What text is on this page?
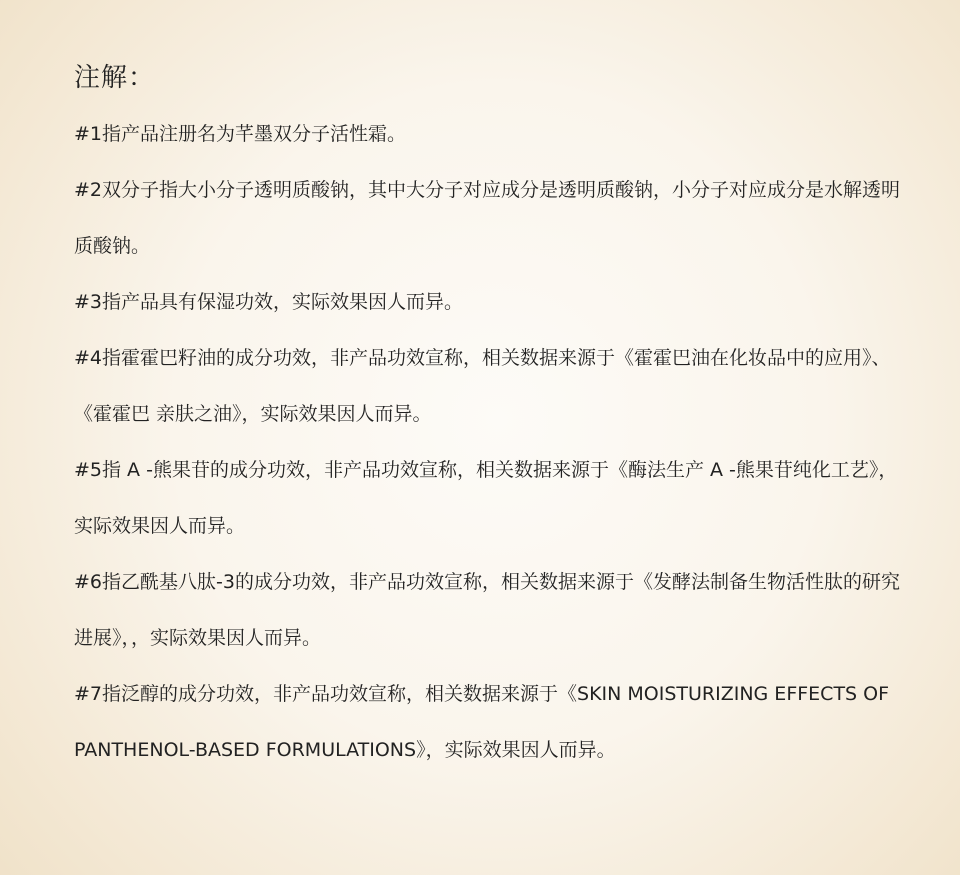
注解：
#1指产品注册名为芊墨双分子活性霜。
#2双分子指大小分子透明质酸钠，其中大分子对应成分是透明质酸钠，小分子对应成分是水解透明质酸钠。
#3指产品具有保湿功效，实际效果因人而异。
#4指霍霍巴籽油的成分功效，非产品功效宣称，相关数据来源于《霍霍巴油在化妆品中的应用》、《霍霍巴 亲肤之油》，实际效果因人而异。
#5指 A -熊果苷的成分功效，非产品功效宣称，相关数据来源于《酶法生产 A -熊果苷纯化工艺》，实际效果因人而异。
#6指乙酰基八肽-3的成分功效，非产品功效宣称，相关数据来源于《发酵法制备生物活性肽的研究进展》，，实际效果因人而异。
#7指泛醇的成分功效，非产品功效宣称，相关数据来源于《SKIN MOISTURIZING EFFECTS OF PANTHENOL-BASED FORMULATIONS》，实际效果因人而异。
